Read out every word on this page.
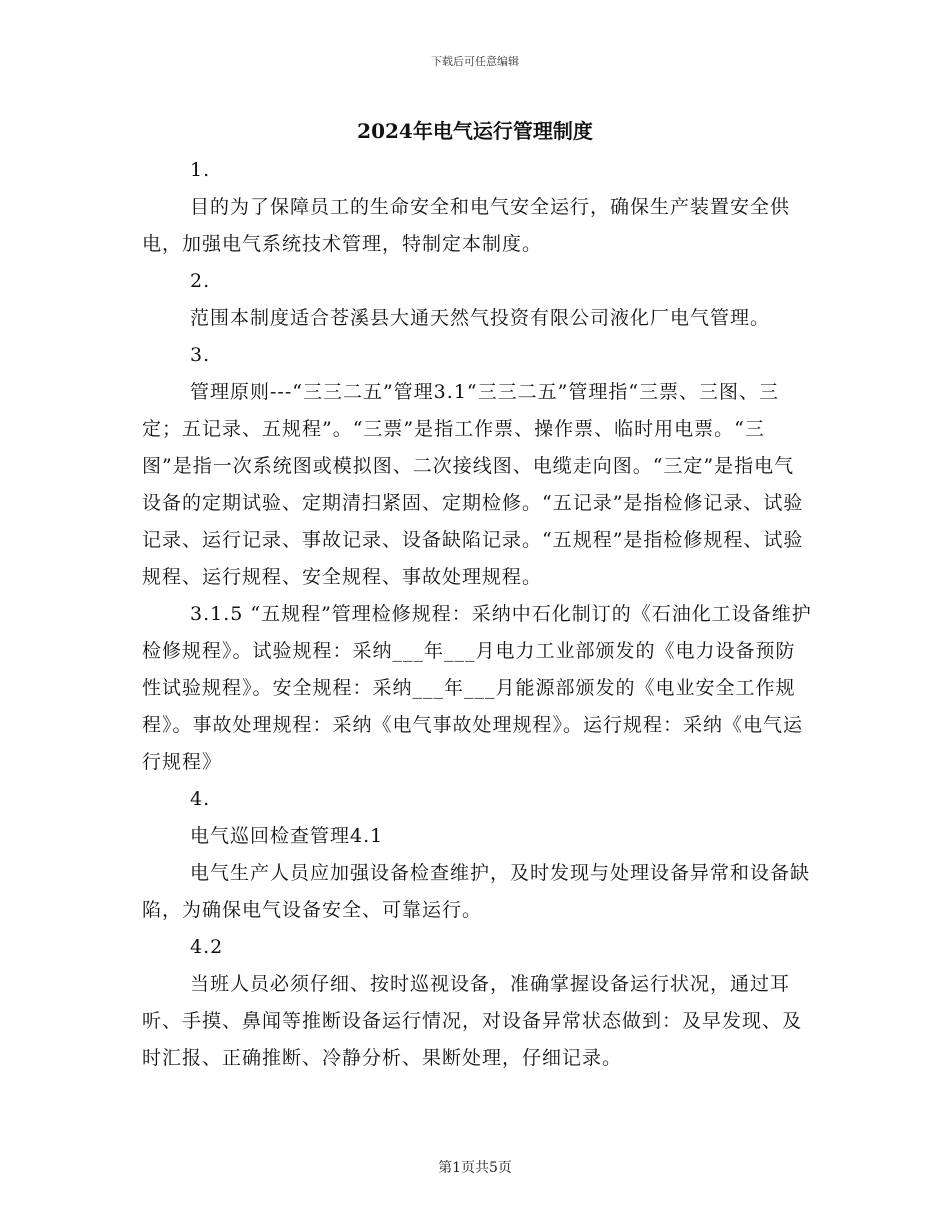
下载后可任意编辑
2024年电气运行管理制度

1.

目的为了保障员工的生命安全和电气安全运行，确保生产装置安全供电，加强电气系统技术管理，特制定本制度。

2.

范围本制度适合苍溪县大通天然气投资有限公司液化厂电气管理。

3.

管理原则---“三三二五”管理3.1“三三二五”管理指“三票、三图、三定；五记录、五规程”。“三票”是指工作票、操作票、临时用电票。“三图”是指一次系统图或模拟图、二次接线图、电缆走向图。“三定”是指电气设备的定期试验、定期清扫紧固、定期检修。“五记录”是指检修记录、试验记录、运行记录、事故记录、设备缺陷记录。“五规程”是指检修规程、试验规程、运行规程、安全规程、事故处理规程。

3.1.5 “五规程”管理检修规程：采纳中石化制订的《石油化工设备维护检修规程》。试验规程：采纳___年___月电力工业部颁发的《电力设备预防性试验规程》。安全规程：采纳___年___月能源部颁发的《电业安全工作规程》。事故处理规程：采纳《电气事故处理规程》。运行规程：采纳《电气运行规程》

4.

电气巡回检查管理4.1

电气生产人员应加强设备检查维护，及时发现与处理设备异常和设备缺陷，为确保电气设备安全、可靠运行。

4.2

当班人员必须仔细、按时巡视设备，准确掌握设备运行状况，通过耳听、手摸、鼻闻等推断设备运行情况，对设备异常状态做到：及早发现、及时汇报、正确推断、冷静分析、果断处理，仔细记录。

第1页共5页
